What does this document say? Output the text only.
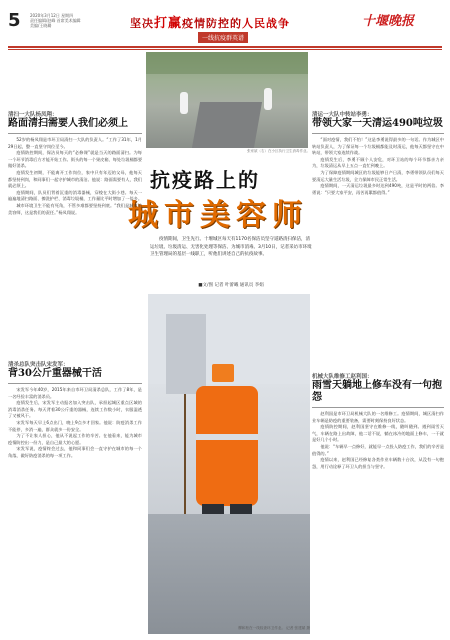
5 2020年3月12日 星期四
责任编辑/赵峰 首席美术编辑
美编/王晓璐	坚决打赢疫情防控的人民战争
一线抗疫群英谱
十堰晚报
张家斌（右）在小区执行卫生消毒作业。
抗疫路上的
城市美容师
疫情期间，卫生先行。十堰城区每天有1170名保洁员坚守道路清扫保洁，清运垃圾、垃圾清运、无害化处理等保洁、为城市消毒。3月10日，记者采访市环境卫生管理局的基层一线职工，听他们讲述自己的抗疫故事。
■文/图 记者 叶蕾曦 通讯员 李娟
柳和松在一线检查环卫作业。 记者 张建斌 摄
清扫一大队杨凤翔：
路面清扫需要人我们必须上
52岁的杨凤翔是市环卫局清扫一大队的负责人。“工作了31年，1月29日起，整一直坚守岗位至今。
疫情防控期间，保洁员每天的“必修课”就是当天的路面清扫。为每一个环节消毒后方才能开始工作。街头的每一个果皮箱、每处垃圾桶都要做好消杀。
疫情发生初期，不能离开工作岗位，家中只有年迈的父母，他每天都坚持到岗，和同事们一起守护城市的清洁。他说：路面需要有人，我们就必须上。
疫情期间，队员们背着沉重的消毒器械，穿梭在大街小巷。每天一遍遍地清扫路面、擦洗护栏、消毒垃圾桶，工作量比平时增加了一倍多。
城市环境卫生不能有死角，不管多难都要坚持到底。“我们是城市的美容师，这是我们的责任。”杨凤翔说。
清杀总队突击队宋发军：
背30公斤重器械干活
宋发军今年40岁，2015年来自市环卫局清杀总队，工作了8年，是一名经验丰富的消杀员。
疫情发生后，宋发军主动报名加入突击队，承担起城区重点区域的消毒消杀任务。每天背着30公斤重的器械，连续工作数小时，衣服湿透了又被风干。
宋发军每天早上6点出门，晚上9点多才回家。他说：防疫消杀工作不能停，多消一遍，群众就多一份安全。
为了不让家人担心，他从不说起工作的辛苦。在他看来，能为城市疫情防控出一份力，是自己最大的心愿。
宋发军说，疫情终会过去，他和同事们会一直守护在城市的每一个角落，做好防疫消杀的每一项工作。
清运一大队中转站李勇：
带领大家一天清运490吨垃圾
“面对疫情，我们不怕！”这是李勇说得最多的一句话。作为城区中转站负责人，为了保证每一个垃圾桶都能及时清运，他每天都坚守在中转站，带领大家连续作战。
疫情发生后，李勇不顾个人安危，对环卫站的每个环节都亲力亲为，垃圾清运从早上五点一直忙到晚上。
为了保障疫情期间城区的垃圾能够日产日清，李勇带领队员们每天要清运大量生活垃圾，全力保障市民正常生活。
疫情期间，一天清运垃圾最多时达到490吨，这是平时的两倍。李勇说：“只要大家平安，再苦再累都值得。”
机械大队维修工赵利国：
雨雪天躺地上修车没有一句抱怨
赵利国是市环卫局机械大队的一名维修工。疫情期间，城区清扫作业车辆是防疫的重要装备，需要时刻保持良好状态。
疫情防控期间，赵利国坚守在维修一线，随叫随到。遇到雨雪天气，车辆在路上出故障，他二话不说，躺在冰冷的地面上修车，一干就是好几个小时。
他说：“车辆早一点修好，就能早一点投入防疫工作，我们的辛苦是值得的。”
疫情以来，赵利国已经修复各类作业车辆数十台次，从没有一句抱怨，用行动诠释了环卫人的担当与坚守。
